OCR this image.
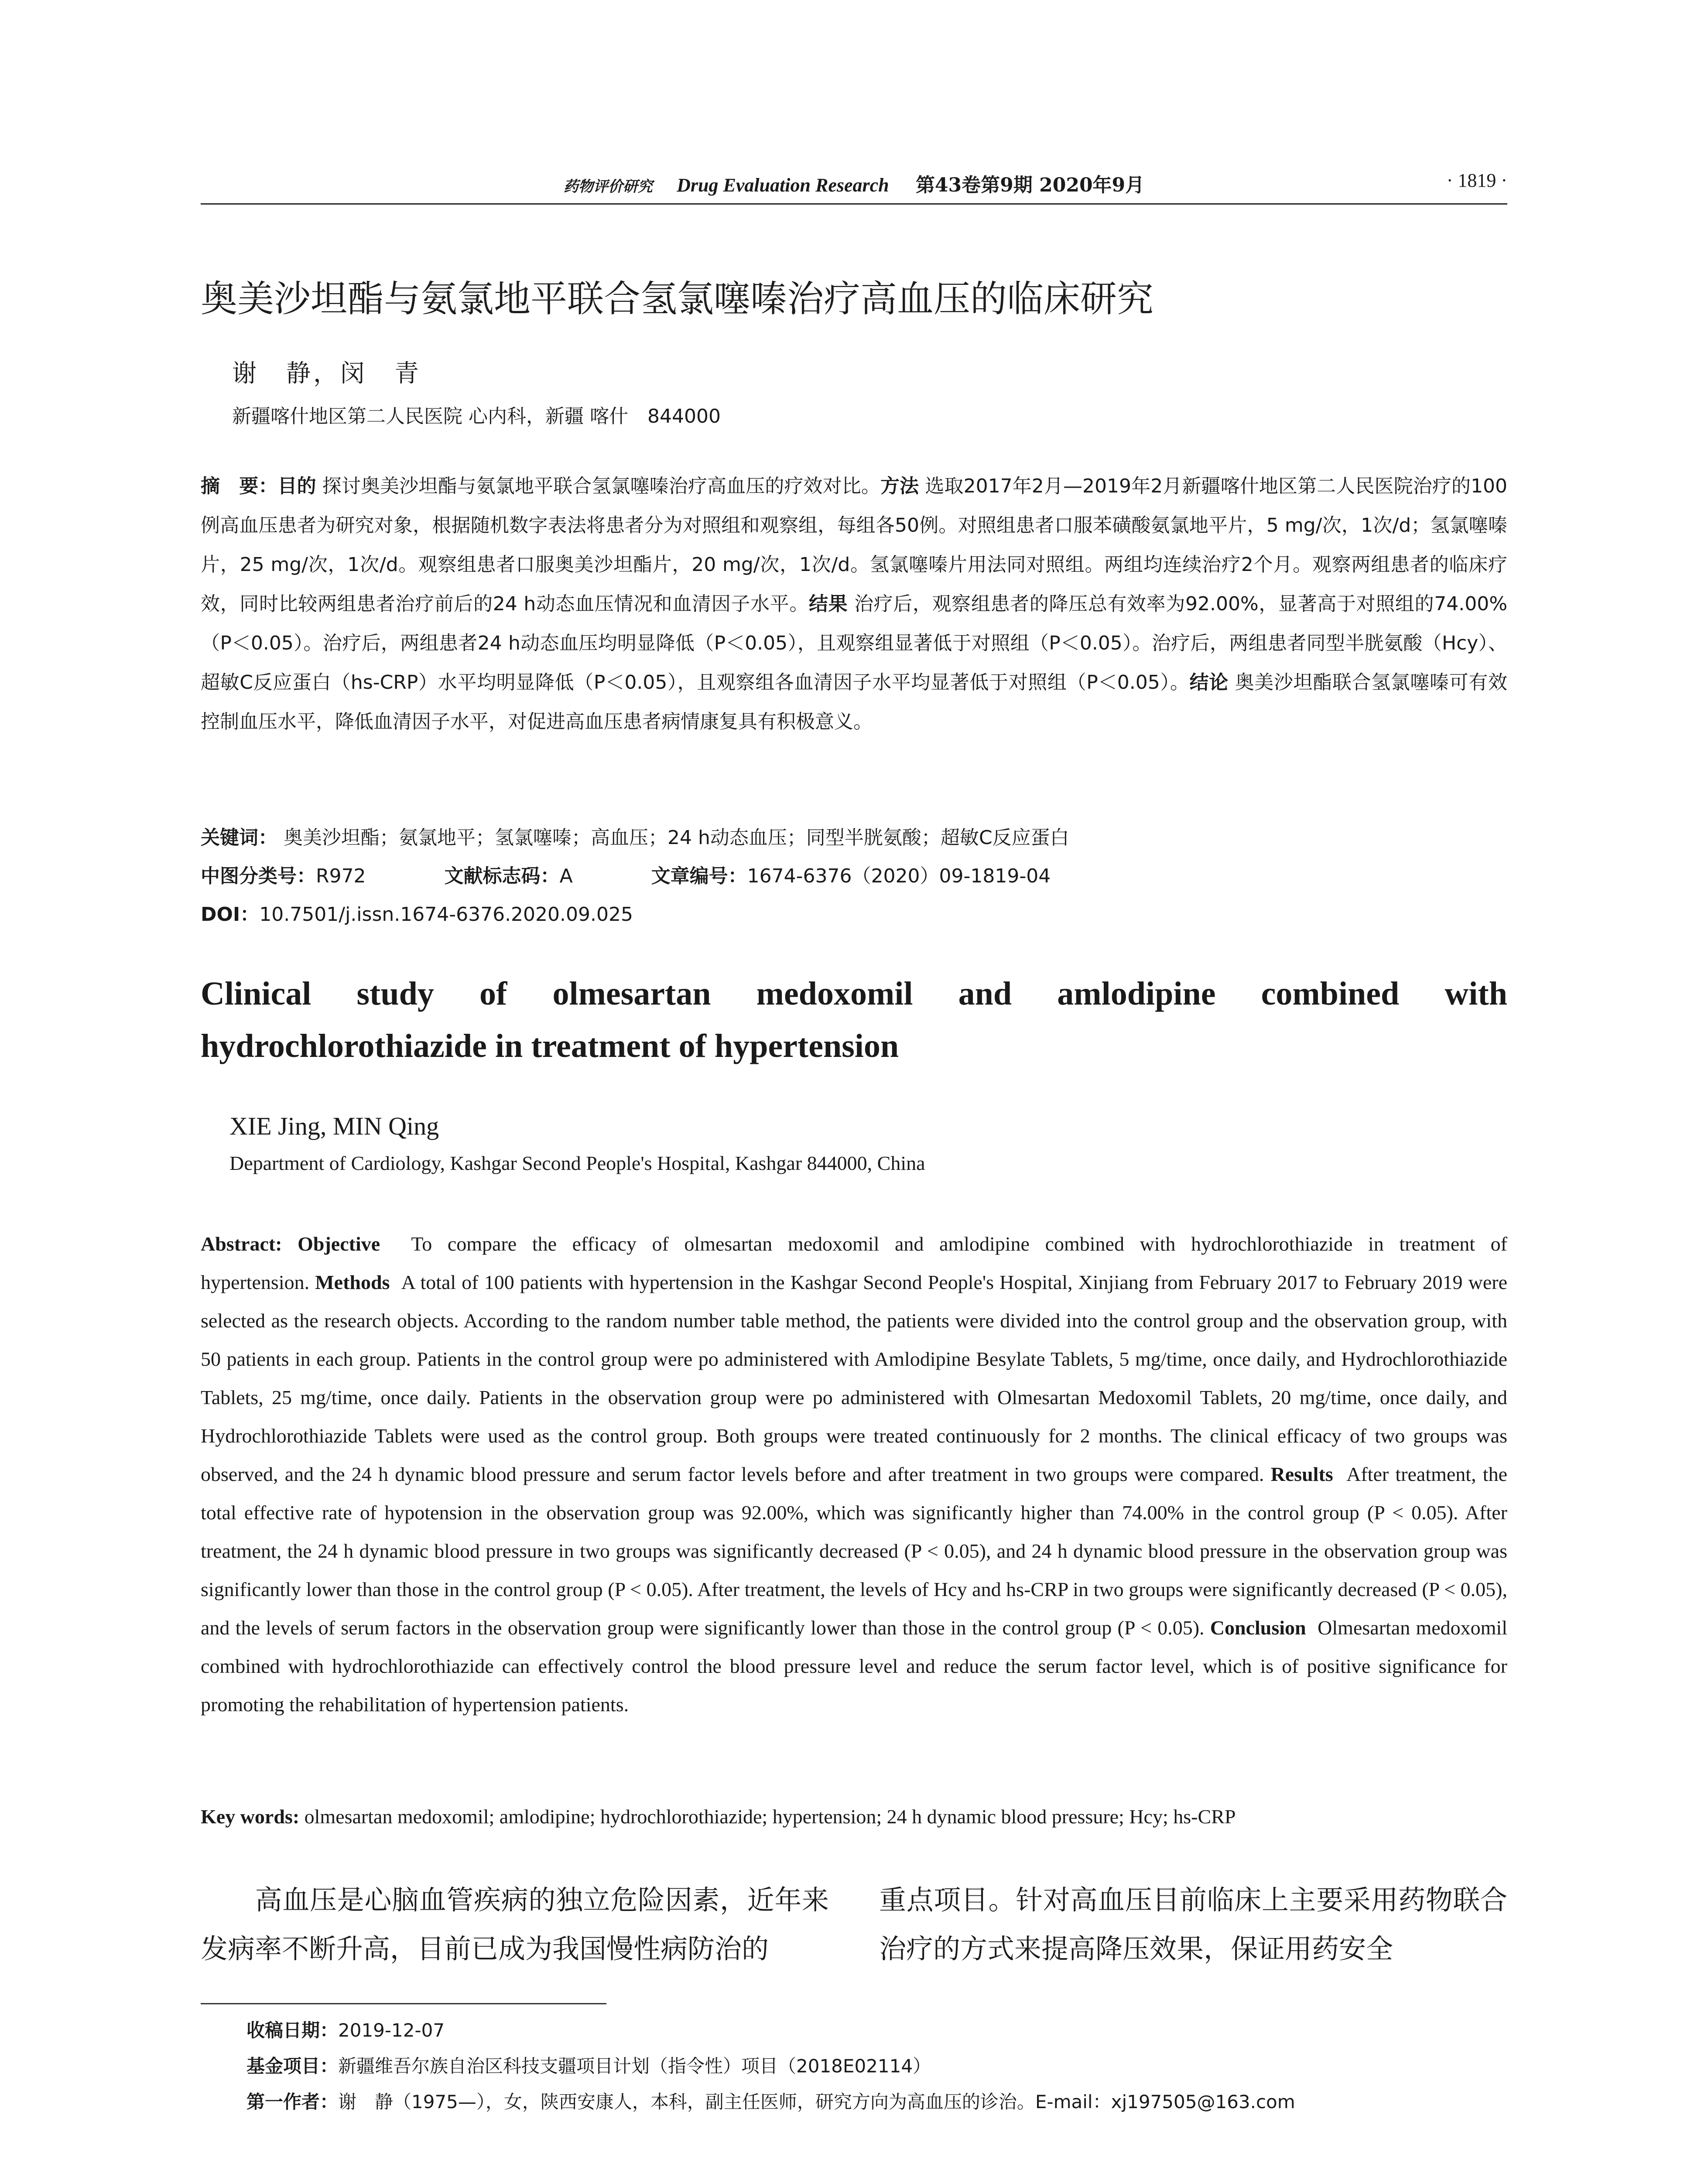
药物评价研究 Drug Evaluation Research 第43卷第9期 2020年9月	· 1819 ·
奥美沙坦酯与氨氯地平联合氢氯噻嗪治疗高血压的临床研究
谢　静，闵　青
新疆喀什地区第二人民医院 心内科，新疆 喀什　844000
摘　要：目的 探讨奥美沙坦酯与氨氯地平联合氢氯噻嗪治疗高血压的疗效对比。方法 选取2017年2月—2019年2月新疆喀什地区第二人民医院治疗的100例高血压患者为研究对象，根据随机数字表法将患者分为对照组和观察组，每组各50例。对照组患者口服苯磺酸氨氯地平片，5 mg/次，1次/d；氢氯噻嗪片，25 mg/次，1次/d。观察组患者口服奥美沙坦酯片，20 mg/次，1次/d。氢氯噻嗪片用法同对照组。两组均连续治疗2个月。观察两组患者的临床疗效，同时比较两组患者治疗前后的24 h动态血压情况和血清因子水平。结果 治疗后，观察组患者的降压总有效率为92.00%，显著高于对照组的74.00%（P＜0.05）。治疗后，两组患者24 h动态血压均明显降低（P＜0.05），且观察组显著低于对照组（P＜0.05）。治疗后，两组患者同型半胱氨酸（Hcy）、超敏C反应蛋白（hs-CRP）水平均明显降低（P＜0.05），且观察组各血清因子水平均显著低于对照组（P＜0.05）。结论 奥美沙坦酯联合氢氯噻嗪可有效控制血压水平，降低血清因子水平，对促进高血压患者病情康复具有积极意义。
关键词： 奥美沙坦酯；氨氯地平；氢氯噻嗪；高血压；24 h动态血压；同型半胱氨酸；超敏C反应蛋白
中图分类号：R972	文献标志码：A	文章编号：1674-6376（2020）09-1819-04
DOI：10.7501/j.issn.1674-6376.2020.09.025
Clinical study of olmesartan medoxomil and amlodipine combined with
hydrochlorothiazide in treatment of hypertension
XIE Jing, MIN Qing
Department of Cardiology, Kashgar Second People's Hospital, Kashgar 844000, China
Abstract: Objective To compare the efficacy of olmesartan medoxomil and amlodipine combined with hydrochlorothiazide in treatment of hypertension. Methods A total of 100 patients with hypertension in the Kashgar Second People's Hospital, Xinjiang from February 2017 to February 2019 were selected as the research objects. According to the random number table method, the patients were divided into the control group and the observation group, with 50 patients in each group. Patients in the control group were po administered with Amlodipine Besylate Tablets, 5 mg/time, once daily, and Hydrochlorothiazide Tablets, 25 mg/time, once daily. Patients in the observation group were po administered with Olmesartan Medoxomil Tablets, 20 mg/time, once daily, and Hydrochlorothiazide Tablets were used as the control group. Both groups were treated continuously for 2 months. The clinical efficacy of two groups was observed, and the 24 h dynamic blood pressure and serum factor levels before and after treatment in two groups were compared. Results After treatment, the total effective rate of hypotension in the observation group was 92.00%, which was significantly higher than 74.00% in the control group (P < 0.05). After treatment, the 24 h dynamic blood pressure in two groups was significantly decreased (P < 0.05), and 24 h dynamic blood pressure in the observation group was significantly lower than those in the control group (P < 0.05). After treatment, the levels of Hcy and hs-CRP in two groups were significantly decreased (P < 0.05), and the levels of serum factors in the observation group were significantly lower than those in the control group (P < 0.05). Conclusion Olmesartan medoxomil combined with hydrochlorothiazide can effectively control the blood pressure level and reduce the serum factor level, which is of positive significance for promoting the rehabilitation of hypertension patients.
Key words: olmesartan medoxomil; amlodipine; hydrochlorothiazide; hypertension; 24 h dynamic blood pressure; Hcy; hs-CRP
高血压是心脑血管疾病的独立危险因素，近年来发病率不断升高，目前已成为我国慢性病防治的
重点项目。针对高血压目前临床上主要采用药物联合治疗的方式来提高降压效果，保证用药安全
收稿日期：2019-12-07
基金项目：新疆维吾尔族自治区科技支疆项目计划（指令性）项目（2018E02114）
第一作者：谢　静（1975—），女，陕西安康人，本科，副主任医师，研究方向为高血压的诊治。E-mail：xj197505@163.com
